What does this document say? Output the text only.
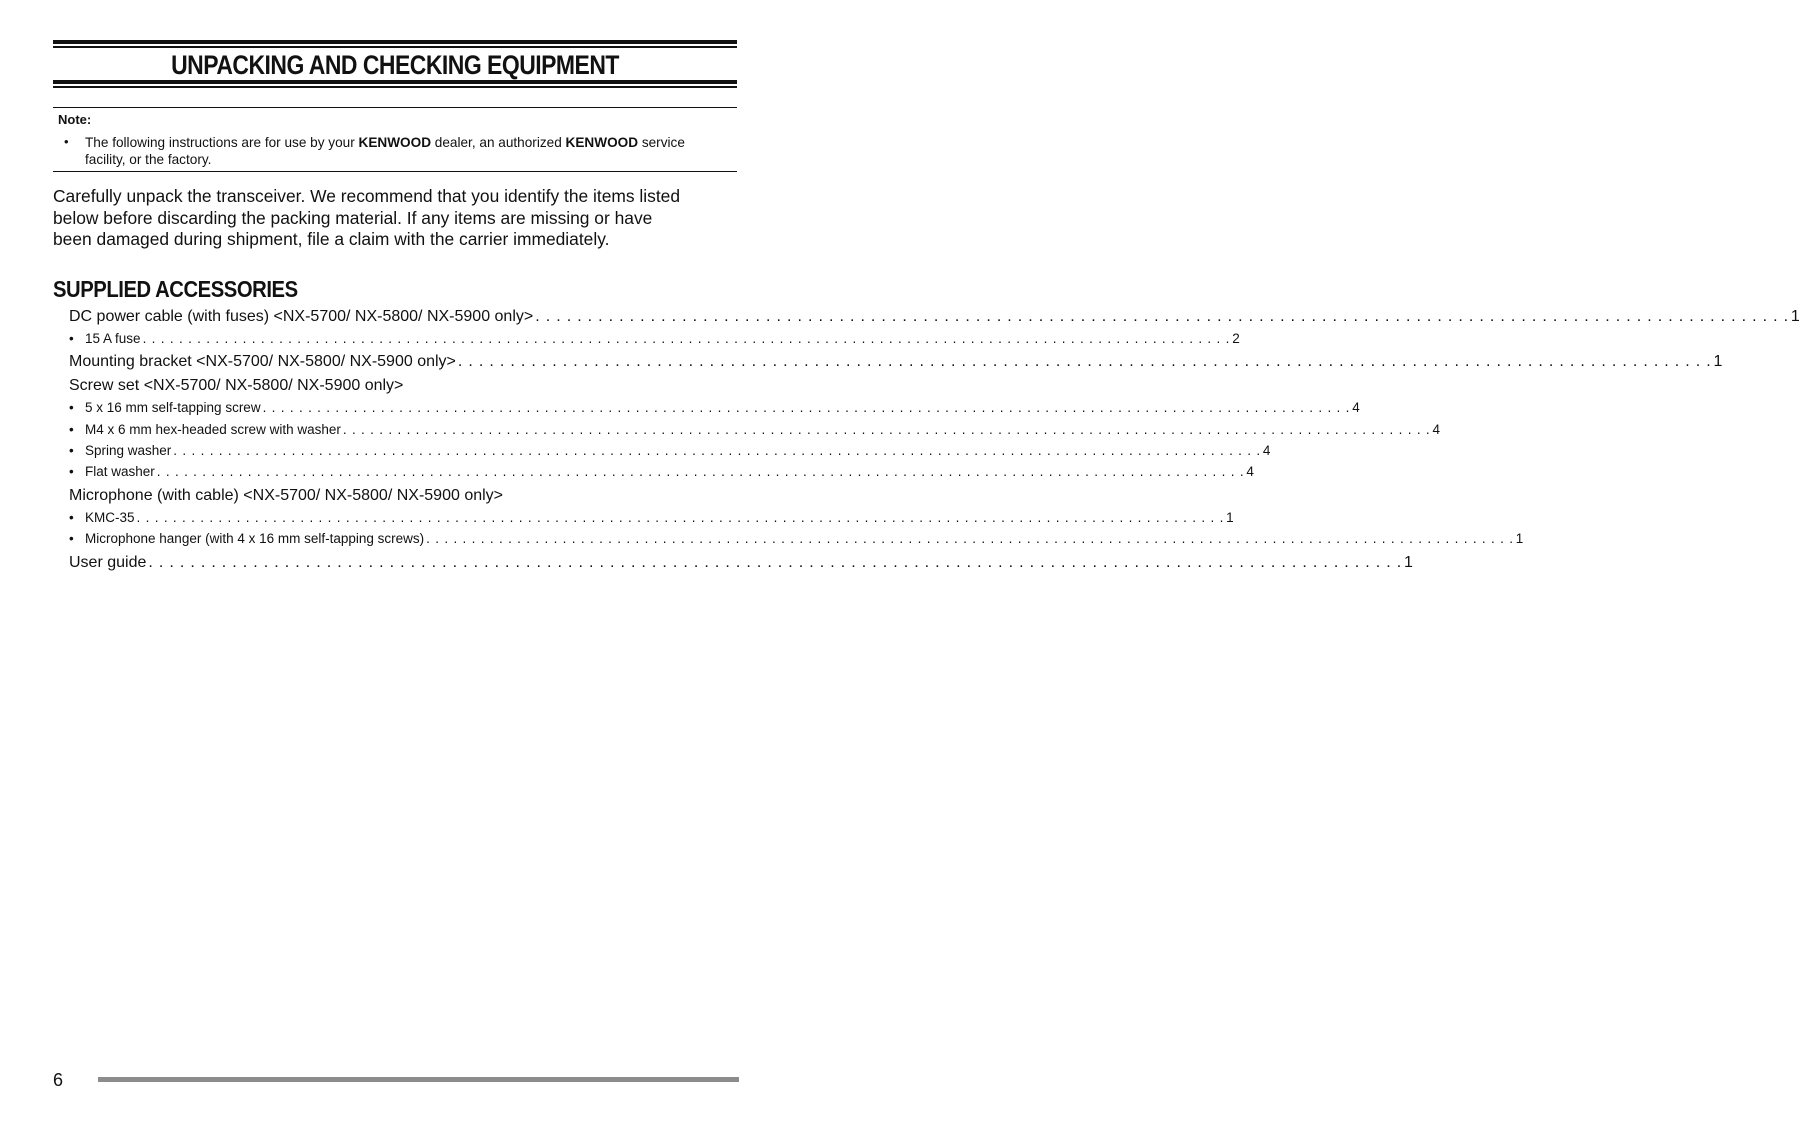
UNPACKING AND CHECKING EQUIPMENT
Note:
• The following instructions are for use by your KENWOOD dealer, an authorized KENWOOD service facility, or the factory.
Carefully unpack the transceiver. We recommend that you identify the items listed
below before discarding the packing material. If any items are missing or have
been damaged during shipment, file a claim with the carrier immediately.
SUPPLIED ACCESSORIES
DC power cable (with fuses) <NX-5700/ NX-5800/ NX-5900 only> . . . . . . . . . . . . . . . . . . . . . . . . . . . . . . . . . . . . . . . . . . . . . . . . . . . . . . . . . . . . . . . . . . . . . . . . . . . . . . . . . . . . . . . . . . . . . . . . . . . . . . . . . . . . . . . . . . . . . . . . 1
• 15 A fuse . . . . . . . . . . . . . . . . . . . . . . . . . . . . . . . . . . . . . . . . . . . . . . . . . . . . . . . . . . . . . . . . . . . . . . . . . . . . . . . . . . . . . . . . . . . . . . . . . . . . . . . . . . . . . . . . . . . . . . . . 2
Mounting bracket <NX-5700/ NX-5800/ NX-5900 only> . . . . . . . . . . . . . . . . . . . . . . . . . . . . . . . . . . . . . . . . . . . . . . . . . . . . . . . . . . . . . . . . . . . . . . . . . . . . . . . . . . . . . . . . . . . . . . . . . . . . . . . . . . . . . . . . . . . . . . . . 1
Screw set <NX-5700/ NX-5800/ NX-5900 only>
• 5 x 16 mm self-tapping screw . . . . . . . . . . . . . . . . . . . . . . . . . . . . . . . . . . . . . . . . . . . . . . . . . . . . . . . . . . . . . . . . . . . . . . . . . . . . . . . . . . . . . . . . . . . . . . . . . . . . . . . . . . . . . . . . . . . . . . . . 4
• M4 x 6 mm hex-headed screw with washer . . . . . . . . . . . . . . . . . . . . . . . . . . . . . . . . . . . . . . . . . . . . . . . . . . . . . . . . . . . . . . . . . . . . . . . . . . . . . . . . . . . . . . . . . . . . . . . . . . . . . . . . . . . . . . . . . . . . . . . . 4
• Spring washer . . . . . . . . . . . . . . . . . . . . . . . . . . . . . . . . . . . . . . . . . . . . . . . . . . . . . . . . . . . . . . . . . . . . . . . . . . . . . . . . . . . . . . . . . . . . . . . . . . . . . . . . . . . . . . . . . . . . . . . . 4
• Flat washer . . . . . . . . . . . . . . . . . . . . . . . . . . . . . . . . . . . . . . . . . . . . . . . . . . . . . . . . . . . . . . . . . . . . . . . . . . . . . . . . . . . . . . . . . . . . . . . . . . . . . . . . . . . . . . . . . . . . . . . . 4
Microphone (with cable) <NX-5700/ NX-5800/ NX-5900 only>
• KMC-35 . . . . . . . . . . . . . . . . . . . . . . . . . . . . . . . . . . . . . . . . . . . . . . . . . . . . . . . . . . . . . . . . . . . . . . . . . . . . . . . . . . . . . . . . . . . . . . . . . . . . . . . . . . . . . . . . . . . . . . . . 1
• Microphone hanger (with 4 x 16 mm self-tapping screws) . . . . . . . . . . . . . . . . . . . . . . . . . . . . . . . . . . . . . . . . . . . . . . . . . . . . . . . . . . . . . . . . . . . . . . . . . . . . . . . . . . . . . . . . . . . . . . . . . . . . . . . . . . . . . . . . . . . . . . . . 1
User guide . . . . . . . . . . . . . . . . . . . . . . . . . . . . . . . . . . . . . . . . . . . . . . . . . . . . . . . . . . . . . . . . . . . . . . . . . . . . . . . . . . . . . . . . . . . . . . . . . . . . . . . . . . . . . . . . . . . . . . . . 1
6
